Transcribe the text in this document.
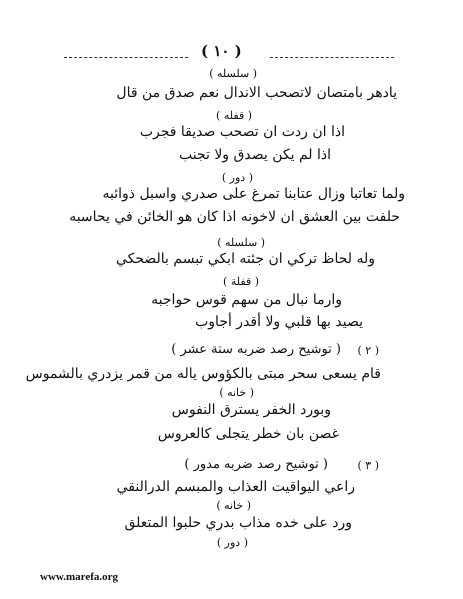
( ١٠ )
( سلسله )
ياده‍ر بامتصان لاتصحب الاندال نعم صدق من قال
( قفله )
اذا ان ردت ان تصحب صديقا فجرب
اذا لم يكن يصدق ولا تجنب
( دور )
ولما تعاتبا وزال عتابنا تمرغ على صدري واسبل ذوائبه
حلفت بين العشق ان لاخونه اذا كان هو الخائن في يحاسبه
( سلسله )
وله لحاظ تركي ان جئته ابكي تبسم بالضحكي
( قفلة )
وارما نبال من سهم قوس حواجبه
يصيد بها قلبي ولا أقدر أجاوب
( توشيح رصد ضربه ستة عشر ) ( ٢ )
قام يسعى سحر مبتى بالكؤوس ياله من قمر يزدري بالشموس
( خانه )
وبورد الخفر يسترق النفوس
غصن بان خطر يتجلى كالعروس
( توشيح رصد ضربه مدور )	( ٣ )
راعي اليواقيت العذاب والمبسم الدرالنقي
( خانه )
ورد على خده مذاب بدري حلبوا المتعلق
( دور )
www.marefa.org
